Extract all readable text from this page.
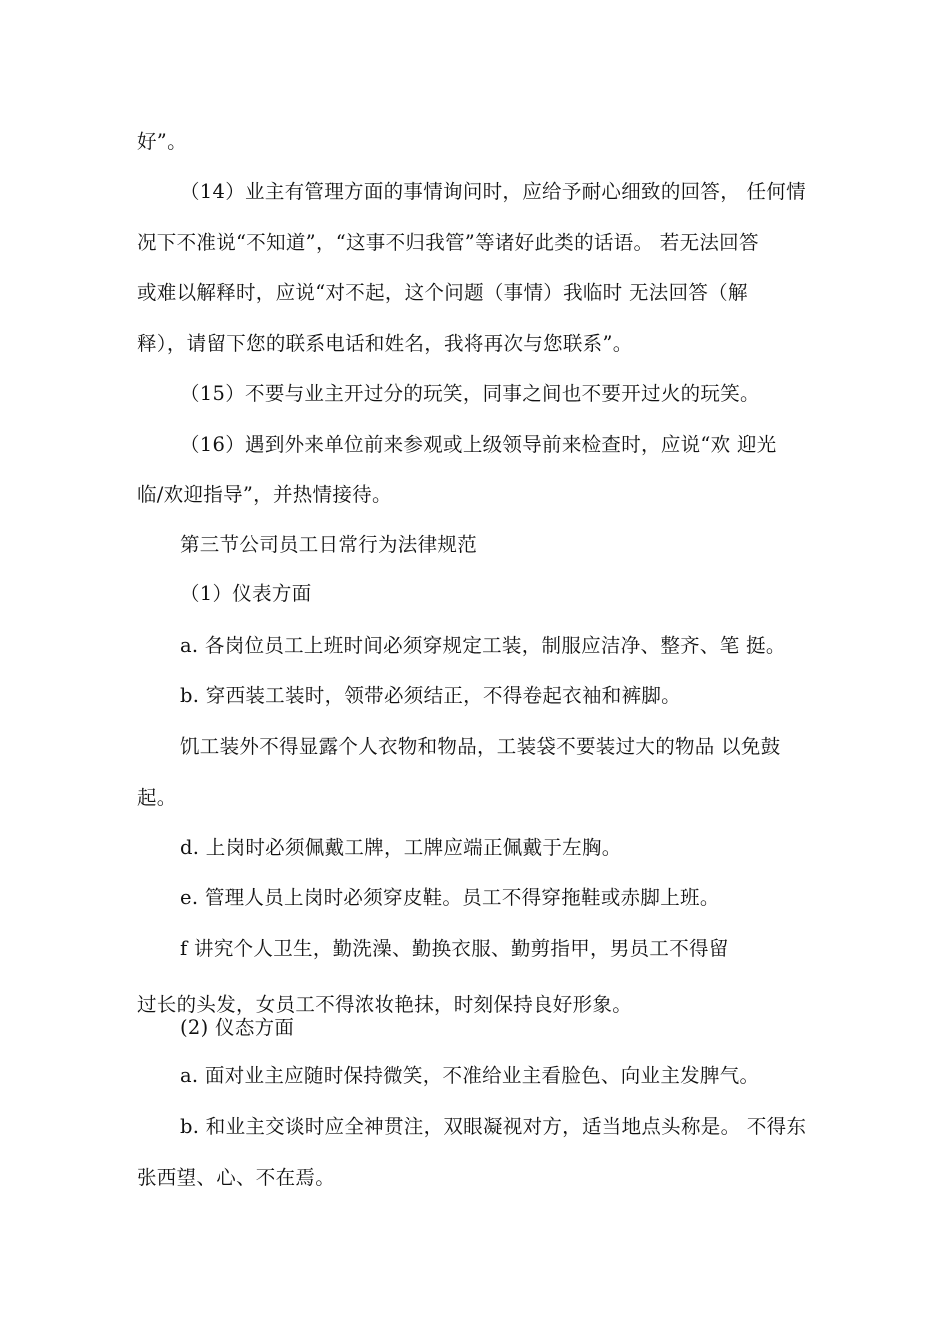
好”。

（14）业主有管理方面的事情询问时，应给予耐心细致的回答， 任何情

况下不准说“不知道”，“这事不归我管”等诸好此类的话语。 若无法回答

或难以解释时，应说“对不起，这个问题（事情）我临时 无法回答（解

释），请留下您的联系电话和姓名，我将再次与您联系”。

（15）不要与业主开过分的玩笑，同事之间也不要开过火的玩笑。

（16）遇到外来单位前来参观或上级领导前来检查时，应说“欢 迎光

临/欢迎指导”，并热情接待。

第三节公司员工日常行为法律规范

（1）仪表方面

a. 各岗位员工上班时间必须穿规定工装，制服应洁净、整齐、笔 挺。

b. 穿西装工装时，领带必须结正，不得卷起衣袖和裤脚。

饥工装外不得显露个人衣物和物品，工装袋不要装过大的物品 以免鼓

起。

d. 上岗时必须佩戴工牌，工牌应端正佩戴于左胸。

e. 管理人员上岗时必须穿皮鞋。员工不得穿拖鞋或赤脚上班。

f 讲究个人卫生，勤洗澡、勤换衣服、勤剪指甲，男员工不得留

过长的头发，女员工不得浓妆艳抹，时刻保持良好形象。

(2) 仪态方面

a. 面对业主应随时保持微笑，不准给业主看脸色、向业主发脾气。

b. 和业主交谈时应全神贯注，双眼凝视对方，适当地点头称是。 不得东

张西望、心、不在焉。
